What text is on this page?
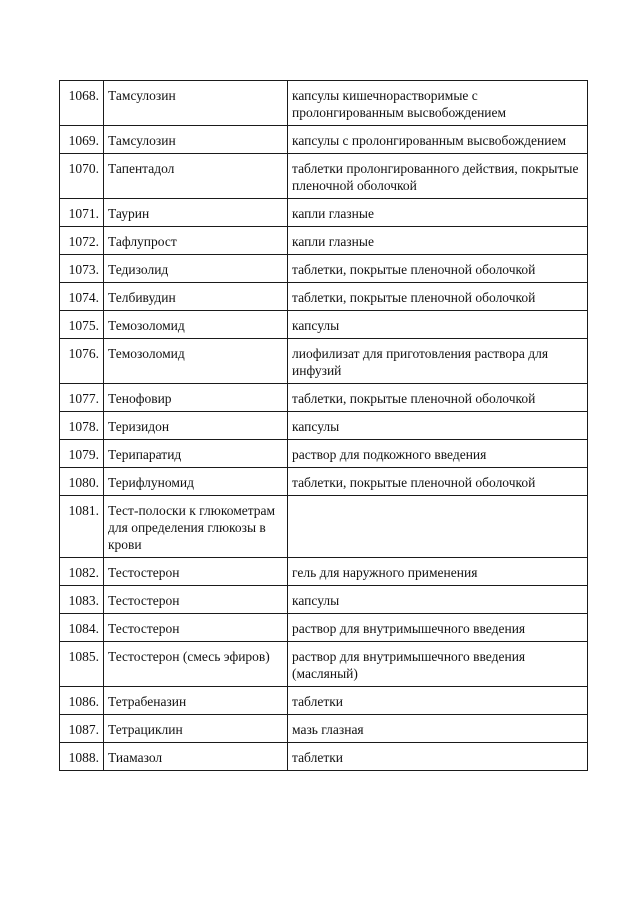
1068.	Тамсулозин	капсулы кишечнорастворимые с пролонгированным высвобождением
1069.	Тамсулозин	капсулы с пролонгированным высвобождением
1070.	Тапентадол	таблетки пролонгированного действия, покрытые пленочной оболочкой
1071.	Таурин	капли глазные
1072.	Тафлупрост	капли глазные
1073.	Тедизолид	таблетки, покрытые пленочной оболочкой
1074.	Телбивудин	таблетки, покрытые пленочной оболочкой
1075.	Темозоломид	капсулы
1076.	Темозоломид	лиофилизат для приготовления раствора для инфузий
1077.	Тенофовир	таблетки, покрытые пленочной оболочкой
1078.	Теризидон	капсулы
1079.	Терипаратид	раствор для подкожного введения
1080.	Терифлуномид	таблетки, покрытые пленочной оболочкой
1081.	Тест-полоски к глюкометрам для определения глюкозы в крови	
1082.	Тестостерон	гель для наружного применения
1083.	Тестостерон	капсулы
1084.	Тестостерон	раствор для внутримышечного введения
1085.	Тестостерон (смесь эфиров)	раствор для внутримышечного введения (масляный)
1086.	Тетрабеназин	таблетки
1087.	Тетрациклин	мазь глазная
1088.	Тиамазол	таблетки
